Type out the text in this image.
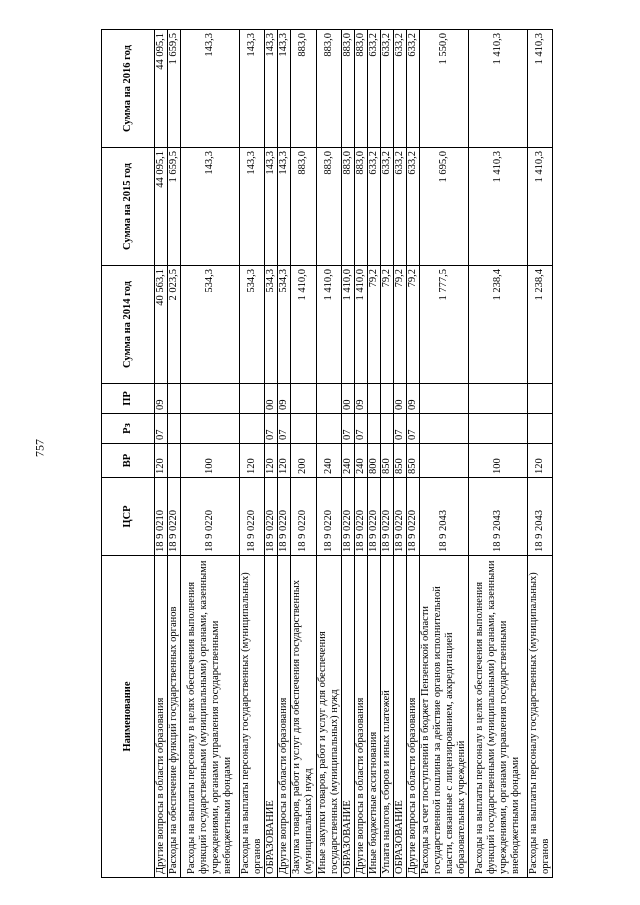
757
Наименование	ЦСР	ВР	Рз	ПР	Сумма на 2014 год	Сумма на 2015 год	Сумма на 2016 год
Другие вопросы в области образования	18 9 0210	120	07	09	40 563,1	44 095,1	44 095,1
Расходы на обеспечение функций государственных органов	18 9 0220				2 023,5	1 659,5	1 659,5
Расходы на выплаты персоналу в целях обеспечения выполнения функций государственными (муниципальными) органами, казенными учреждениями, органами управления государственными внебюджетными фондами	18 9 0220	100			534,3	143,3	143,3
Расходы на выплаты персоналу государственных (муниципальных) органов	18 9 0220	120			534,3	143,3	143,3
ОБРАЗОВАНИЕ	18 9 0220	120	07	00	534,3	143,3	143,3
Другие вопросы в области образования	18 9 0220	120	07	09	534,3	143,3	143,3
Закупка товаров, работ и услуг для обеспечения государственных (муниципальных) нужд	18 9 0220	200			1 410,0	883,0	883,0
Иные закупки товаров, работ и услуг для обеспечения государственных (муниципальных) нужд	18 9 0220	240			1 410,0	883,0	883,0
ОБРАЗОВАНИЕ	18 9 0220	240	07	00	1 410,0	883,0	883,0
Другие вопросы в области образования	18 9 0220	240	07	09	1 410,0	883,0	883,0
Иные бюджетные ассигнования	18 9 0220	800			79,2	633,2	633,2
Уплата налогов, сборов и иных платежей	18 9 0220	850			79,2	633,2	633,2
ОБРАЗОВАНИЕ	18 9 0220	850	07	00	79,2	633,2	633,2
Другие вопросы в области образования	18 9 0220	850	07	09	79,2	633,2	633,2
Расходы за счет поступлений в бюджет Пензенской области государственной пошлины за действие органов исполнительной власти, связанные с лицензированием, аккредитацией образовательных учреждений	18 9 2043				1 777,5	1 695,0	1 550,0
Расходы на выплаты персоналу в целях обеспечения выполнения функций государственными (муниципальными) органами, казенными учреждениями, органами управления государственными внебюджетными фондами	18 9 2043	100			1 238,4	1 410,3	1 410,3
Расходы на выплаты персоналу государственных (муниципальных) органов	18 9 2043	120			1 238,4	1 410,3	1 410,3
